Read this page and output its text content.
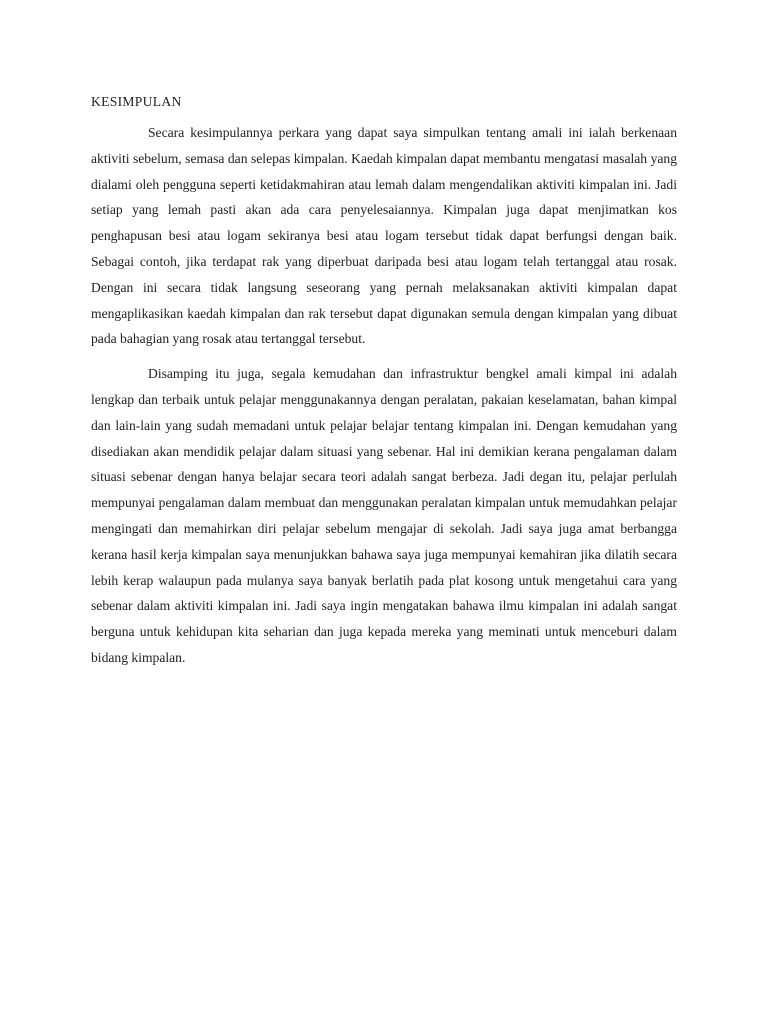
KESIMPULAN

Secara kesimpulannya perkara yang dapat saya simpulkan tentang amali ini ialah berkenaan aktiviti sebelum, semasa dan selepas kimpalan. Kaedah kimpalan dapat membantu mengatasi masalah yang dialami oleh pengguna seperti ketidakmahiran atau lemah dalam mengendalikan aktiviti kimpalan ini. Jadi setiap yang lemah pasti akan ada cara penyelesaiannya. Kimpalan juga dapat menjimatkan kos penghapusan besi atau logam sekiranya besi atau logam tersebut tidak dapat berfungsi dengan baik. Sebagai contoh, jika terdapat rak yang diperbuat daripada besi atau logam telah tertanggal atau rosak. Dengan ini secara tidak langsung seseorang yang pernah melaksanakan aktiviti kimpalan dapat mengaplikasikan kaedah kimpalan dan rak tersebut dapat digunakan semula dengan kimpalan yang dibuat pada bahagian yang rosak atau tertanggal tersebut.

Disamping itu juga, segala kemudahan dan infrastruktur bengkel amali kimpal ini adalah lengkap dan terbaik untuk pelajar menggunakannya dengan peralatan, pakaian keselamatan, bahan kimpal dan lain-lain yang sudah memadani untuk pelajar belajar tentang kimpalan ini. Dengan kemudahan yang disediakan akan mendidik pelajar dalam situasi yang sebenar. Hal ini demikian kerana pengalaman dalam situasi sebenar dengan hanya belajar secara teori adalah sangat berbeza. Jadi degan itu, pelajar perlulah mempunyai pengalaman dalam membuat dan menggunakan peralatan kimpalan untuk memudahkan pelajar mengingati dan memahirkan diri pelajar sebelum mengajar di sekolah. Jadi saya juga amat berbangga kerana hasil kerja kimpalan saya menunjukkan bahawa saya juga mempunyai kemahiran jika dilatih secara lebih kerap walaupun pada mulanya saya banyak berlatih pada plat kosong untuk mengetahui cara yang sebenar dalam aktiviti kimpalan ini. Jadi saya ingin mengatakan bahawa ilmu kimpalan ini adalah sangat berguna untuk kehidupan kita seharian dan juga kepada mereka yang meminati untuk menceburi dalam bidang kimpalan.
